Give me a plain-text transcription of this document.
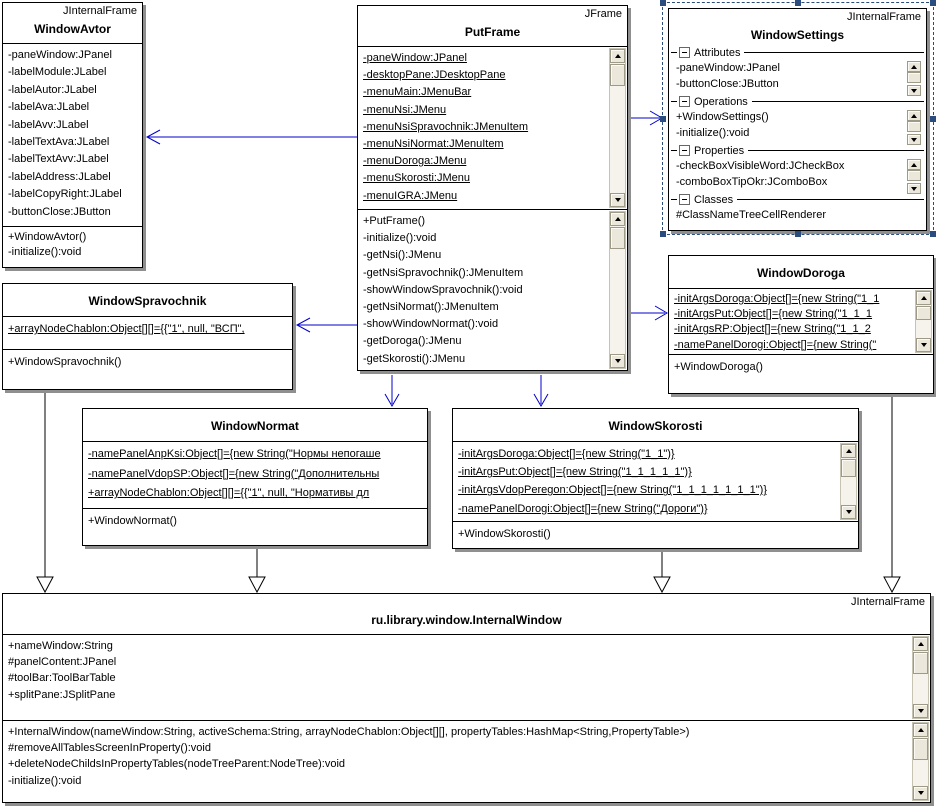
JInternalFrame
WindowAvtor
-paneWindow:JPanel
-labelModule:JLabel
-labelAutor:JLabel
-labelAva:JLabel
-labelAvv:JLabel
-labelTextAva:JLabel
-labelTextAvv:JLabel
-labelAddress:JLabel
-labelCopyRight:JLabel
-buttonClose:JButton
+WindowAvtor()
-initialize():void
JFrame
PutFrame
-paneWindow:JPanel
-desktopPane:JDesktopPane
-menuMain:JMenuBar
-menuNsi:JMenu
-menuNsiSpravochnik:JMenuItem
-menuNsiNormat:JMenuItem
-menuDoroga:JMenu
-menuSkorosti:JMenu
-menuIGRA:JMenu
+PutFrame()
-initialize():void
-getNsi():JMenu
-getNsiSpravochnik():JMenuItem
-showWindowSpravochnik():void
-getNsiNormat():JMenuItem
-showWindowNormat():void
-getDoroga():JMenu
-getSkorosti():JMenu
JInternalFrame
WindowSettings
Attributes
-paneWindow:JPanel
-buttonClose:JButton
Operations
+WindowSettings()
-initialize():void
Properties
-checkBoxVisibleWord:JCheckBox
-comboBoxTipOkr:JComboBox
Classes
#ClassNameTreeCellRenderer
WindowSpravochnik
+arrayNodeChablon:Object[][]={{"1", null, "ВСП",
+WindowSpravochnik()
WindowDoroga
-initArgsDoroga:Object[]={new String("1_1
-initArgsPut:Object[]={new String("1_1_1
-initArgsRP:Object[]={new String("1_1_2
-namePanelDorogi:Object[]={new String("
+WindowDoroga()
WindowNormat
-namePanelAnpKsi:Object[]={new String("Нормы непогаше
-namePanelVdopSP:Object[]={new String("Дополнительны
+arrayNodeChablon:Object[][]={{"1", null, "Нормативы дл
+WindowNormat()
WindowSkorosti
-initArgsDoroga:Object[]={new String("1_1")}
-initArgsPut:Object[]={new String("1_1_1_1_1")}
-initArgsVdopPeregon:Object[]={new String("1_1_1_1_1_1_1")}
-namePanelDorogi:Object[]={new String("Дороги")}
+WindowSkorosti()
JInternalFrame
ru.library.window.InternalWindow
+nameWindow:String
#panelContent:JPanel
#toolBar:ToolBarTable
+splitPane:JSplitPane
+InternalWindow(nameWindow:String, activeSchema:String, arrayNodeChablon:Object[][], propertyTables:HashMap<String,PropertyTable>)
#removeAllTablesScreenInProperty():void
+deleteNodeChildsInPropertyTables(nodeTreeParent:NodeTree):void
-initialize():void
